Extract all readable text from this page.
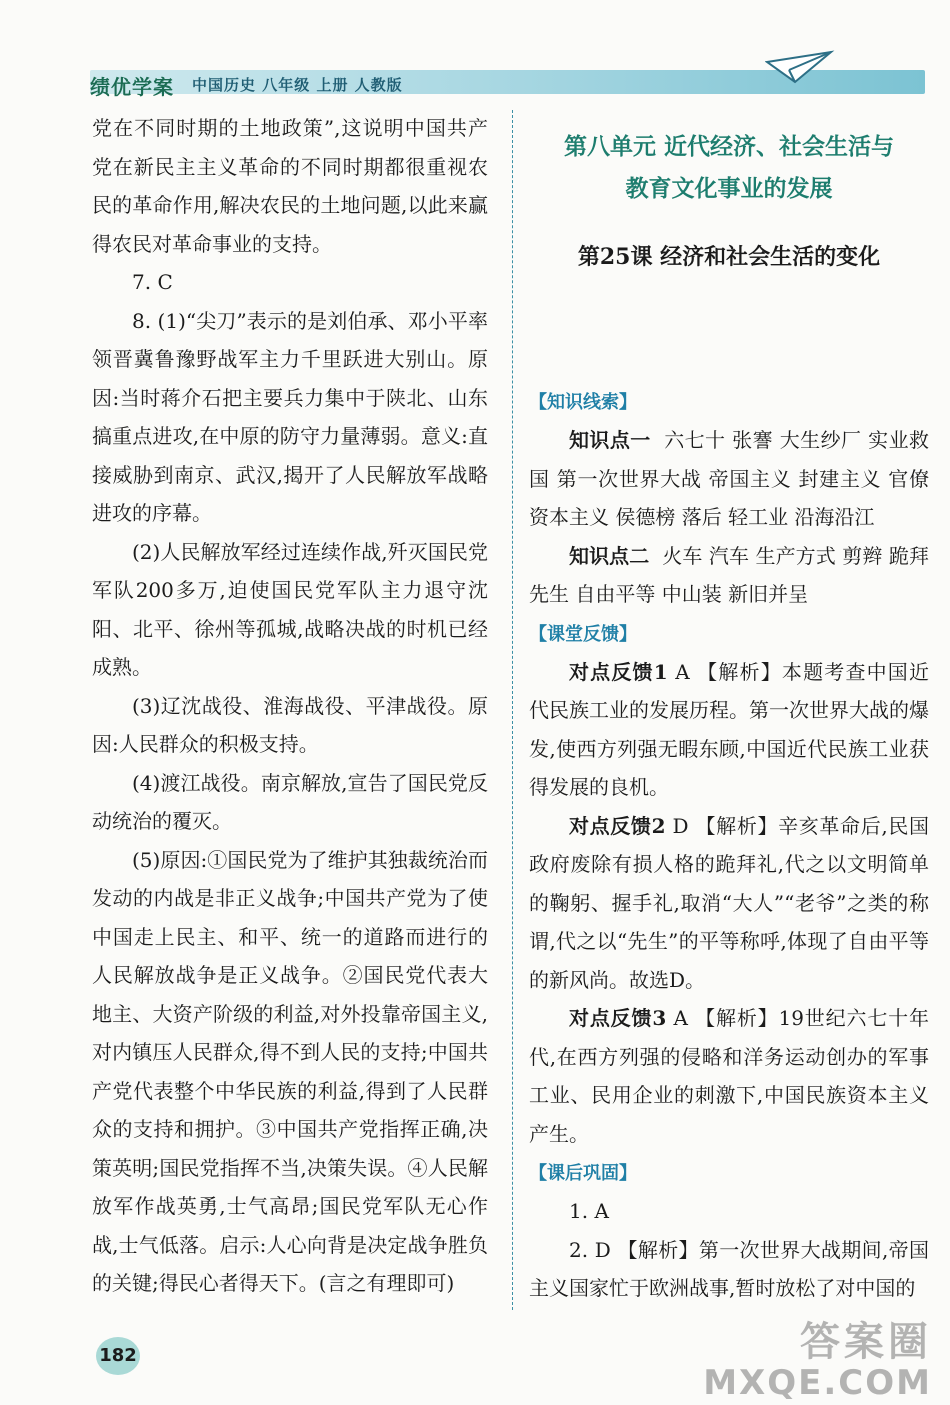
绩优学案 中国历史 八年级 上册 人教版

党在不同时期的土地政策”,这说明中国共产党在新民主主义革命的不同时期都很重视农民的革命作用,解决农民的土地问题,以此来赢得农民对革命事业的支持。

7. C

8. (1)“尖刀”表示的是刘伯承、邓小平率领晋冀鲁豫野战军主力千里跃进大别山。原因:当时蒋介石把主要兵力集中于陕北、山东搞重点进攻,在中原的防守力量薄弱。意义:直接威胁到南京、武汉,揭开了人民解放军战略进攻的序幕。

(2)人民解放军经过连续作战,歼灭国民党军队200多万,迫使国民党军队主力退守沈阳、北平、徐州等孤城,战略决战的时机已经成熟。

(3)辽沈战役、淮海战役、平津战役。原因:人民群众的积极支持。

(4)渡江战役。南京解放,宣告了国民党反动统治的覆灭。

(5)原因:①国民党为了维护其独裁统治而发动的内战是非正义战争;中国共产党为了使中国走上民主、和平、统一的道路而进行的人民解放战争是正义战争。②国民党代表大地主、大资产阶级的利益,对外投靠帝国主义,对内镇压人民群众,得不到人民的支持;中国共产党代表整个中华民族的利益,得到了人民群众的支持和拥护。③中国共产党指挥正确,决策英明;国民党指挥不当,决策失误。④人民解放军作战英勇,士气高昂;国民党军队无心作战,士气低落。启示:人心向背是决定战争胜负的关键;得民心者得天下。(言之有理即可)

第八单元 近代经济、社会生活与
教育文化事业的发展
第25课 经济和社会生活的变化
【知识线索】

知识点一 六七十 张謇 大生纱厂 实业救国 第一次世界大战 帝国主义 封建主义 官僚资本主义 侯德榜 落后 轻工业 沿海沿江

知识点二 火车 汽车 生产方式 剪辫 跪拜 先生 自由平等 中山装 新旧并呈

【课堂反馈】

对点反馈1 A 【解析】本题考查中国近代民族工业的发展历程。第一次世界大战的爆发,使西方列强无暇东顾,中国近代民族工业获得发展的良机。

对点反馈2 D 【解析】辛亥革命后,民国政府废除有损人格的跪拜礼,代之以文明简单的鞠躬、握手礼,取消“大人”“老爷”之类的称谓,代之以“先生”的平等称呼,体现了自由平等的新风尚。故选D。

对点反馈3 A 【解析】19世纪六七十年代,在西方列强的侵略和洋务运动创办的军事工业、民用企业的刺激下,中国民族资本主义产生。

【课后巩固】

1. A

2. D 【解析】第一次世界大战期间,帝国主义国家忙于欧洲战事,暂时放松了对中国的

182	答案圈
MXQE.COM
